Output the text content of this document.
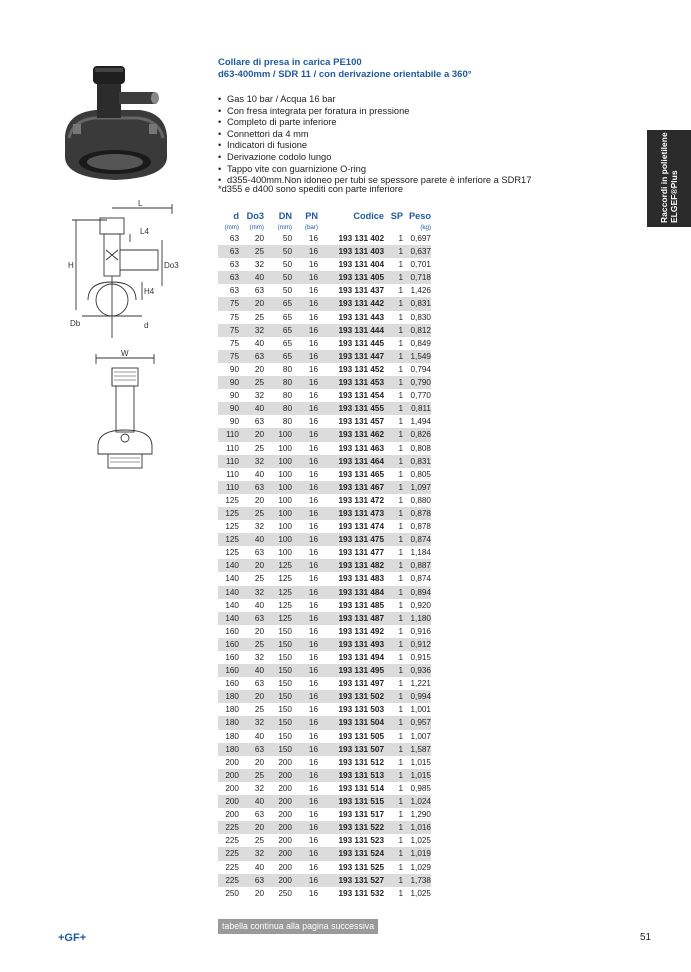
Collare di presa in carica PE100
d63-400mm / SDR 11 / con derivazione orientabile a 360°
• Gas 10 bar / Acqua 16 bar
• Con fresa integrata per foratura in pressione
• Completo di parte inferiore
• Connettori da 4 mm
• Indicatori di fusione
• Derivazione codolo lungo
• Tappo vite con guarnizione O-ring
• d355-400mm.Non idoneo per tubi se spessore parete è inferiore a SDR17
*d355 e d400 sono spediti con parte inferiore	Raccordi in polietilene ELGEF®Plus
L
L4
H	Do3
H4
Db	d
W
d	Do3	DN	PN	Codice	SP	Peso
(mm)	(mm)	(mm)	(bar)			(kg)
63	20	50	16	193 131 402	1	0,697
63	25	50	16	193 131 403	1	0,637
63	32	50	16	193 131 404	1	0,701
63	40	50	16	193 131 405	1	0,718
63	63	50	16	193 131 437	1	1,426
75	20	65	16	193 131 442	1	0,831
75	25	65	16	193 131 443	1	0,830
75	32	65	16	193 131 444	1	0,812
75	40	65	16	193 131 445	1	0,849
75	63	65	16	193 131 447	1	1,549
90	20	80	16	193 131 452	1	0,794
90	25	80	16	193 131 453	1	0,790
90	32	80	16	193 131 454	1	0,770
90	40	80	16	193 131 455	1	0,811
90	63	80	16	193 131 457	1	1,494
110	20	100	16	193 131 462	1	0,826
110	25	100	16	193 131 463	1	0,808
110	32	100	16	193 131 464	1	0,831
110	40	100	16	193 131 465	1	0,805
110	63	100	16	193 131 467	1	1,097
125	20	100	16	193 131 472	1	0,880
125	25	100	16	193 131 473	1	0,878
125	32	100	16	193 131 474	1	0,878
125	40	100	16	193 131 475	1	0,874
125	63	100	16	193 131 477	1	1,184
140	20	125	16	193 131 482	1	0,887
140	25	125	16	193 131 483	1	0,874
140	32	125	16	193 131 484	1	0,894
140	40	125	16	193 131 485	1	0,920
140	63	125	16	193 131 487	1	1,180
160	20	150	16	193 131 492	1	0,916
160	25	150	16	193 131 493	1	0,912
160	32	150	16	193 131 494	1	0,915
160	40	150	16	193 131 495	1	0,936
160	63	150	16	193 131 497	1	1,221
180	20	150	16	193 131 502	1	0,994
180	25	150	16	193 131 503	1	1,001
180	32	150	16	193 131 504	1	0,957
180	40	150	16	193 131 505	1	1,007
180	63	150	16	193 131 507	1	1,587
200	20	200	16	193 131 512	1	1,015
200	25	200	16	193 131 513	1	1,015
200	32	200	16	193 131 514	1	0,985
200	40	200	16	193 131 515	1	1,024
200	63	200	16	193 131 517	1	1,290
225	20	200	16	193 131 522	1	1,016
225	25	200	16	193 131 523	1	1,025
225	32	200	16	193 131 524	1	1,019
225	40	200	16	193 131 525	1	1,029
225	63	200	16	193 131 527	1	1,738
250	20	250	16	193 131 532	1	1,025
tabella continua alla pagina successiva
+GF+	51
